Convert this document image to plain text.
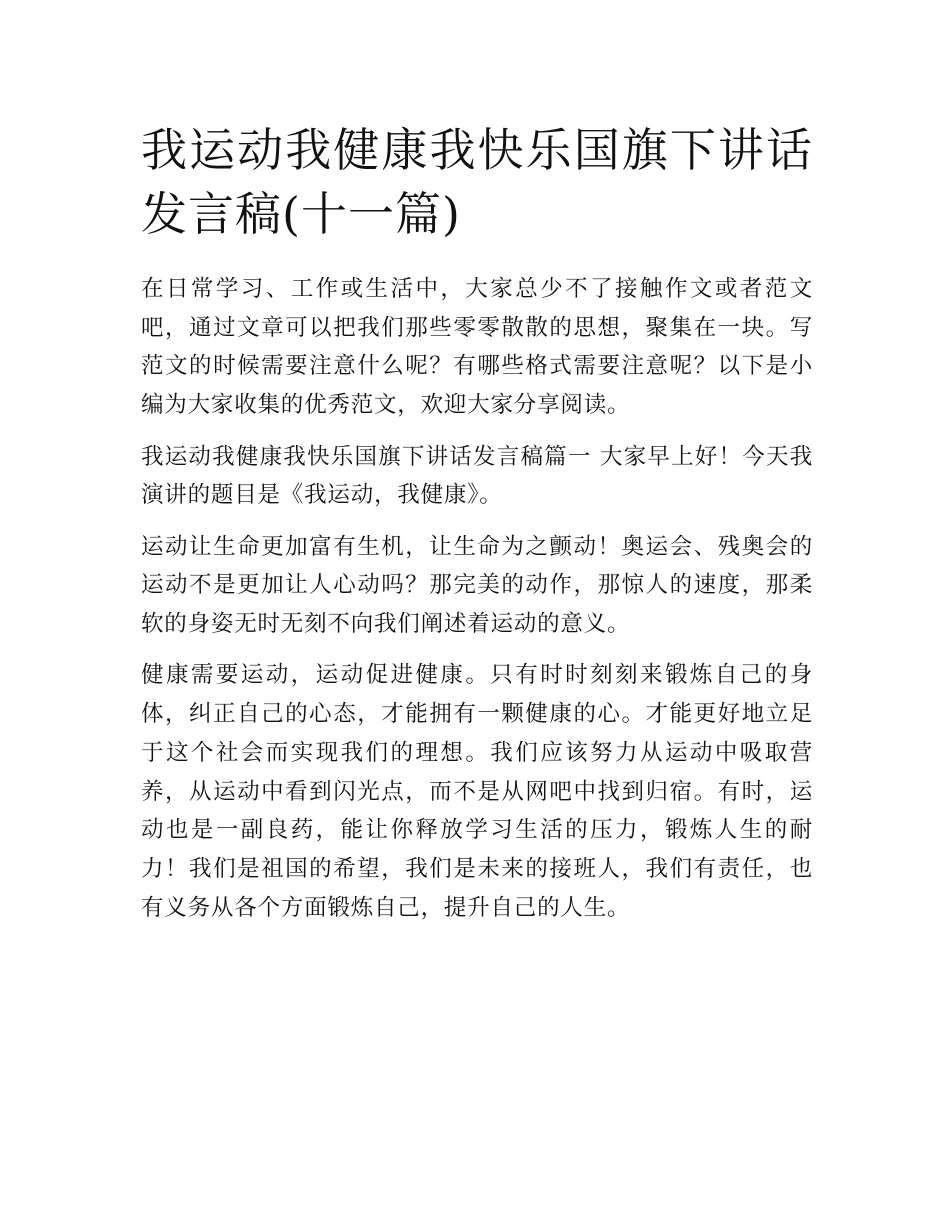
我运动我健康我快乐国旗下讲话发言稿(十一篇)

在日常学习、工作或生活中，大家总少不了接触作文或者范文吧，通过文章可以把我们那些零零散散的思想，聚集在一块。写范文的时候需要注意什么呢？有哪些格式需要注意呢？以下是小编为大家收集的优秀范文，欢迎大家分享阅读。

我运动我健康我快乐国旗下讲话发言稿篇一 大家早上好！今天我演讲的题目是《我运动，我健康》。

运动让生命更加富有生机，让生命为之颤动！奥运会、残奥会的运动不是更加让人心动吗？那完美的动作，那惊人的速度，那柔软的身姿无时无刻不向我们阐述着运动的意义。

健康需要运动，运动促进健康。只有时时刻刻来锻炼自己的身体，纠正自己的心态，才能拥有一颗健康的心。才能更好地立足于这个社会而实现我们的理想。我们应该努力从运动中吸取营养，从运动中看到闪光点，而不是从网吧中找到归宿。有时，运动也是一副良药，能让你释放学习生活的压力，锻炼人生的耐力！我们是祖国的希望，我们是未来的接班人，我们有责任，也有义务从各个方面锻炼自己，提升自己的人生。
